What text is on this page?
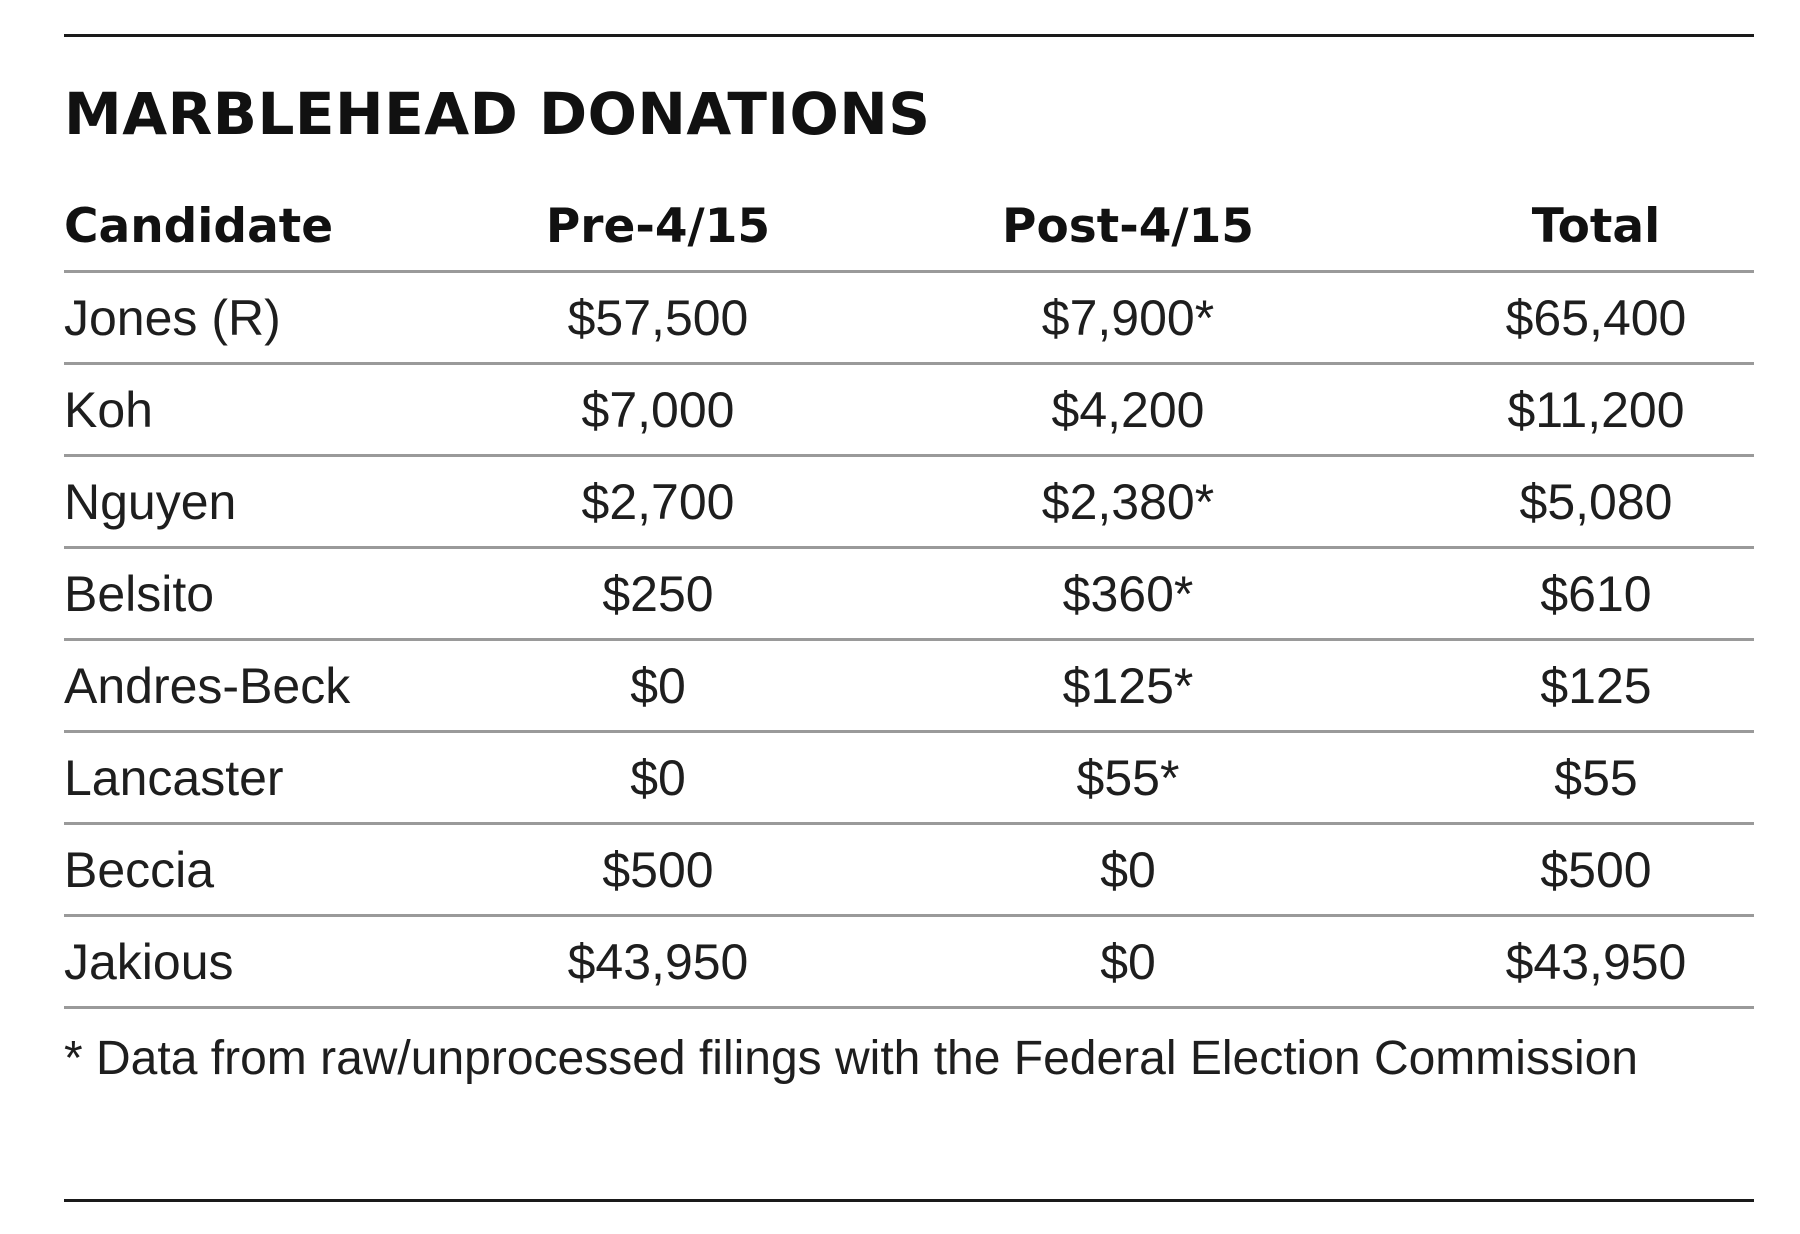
MARBLEHEAD DONATIONS
Candidate	Pre-4/15	Post-4/15	Total
Jones (R)	$57,500	$7,900*	$65,400
Koh	$7,000	$4,200	$11,200
Nguyen	$2,700	$2,380*	$5,080
Belsito	$250	$360*	$610
Andres-Beck	$0	$125*	$125
Lancaster	$0	$55*	$55
Beccia	$500	$0	$500
Jakious	$43,950	$0	$43,950

* Data from raw/unprocessed filings with the Federal Election Commission
